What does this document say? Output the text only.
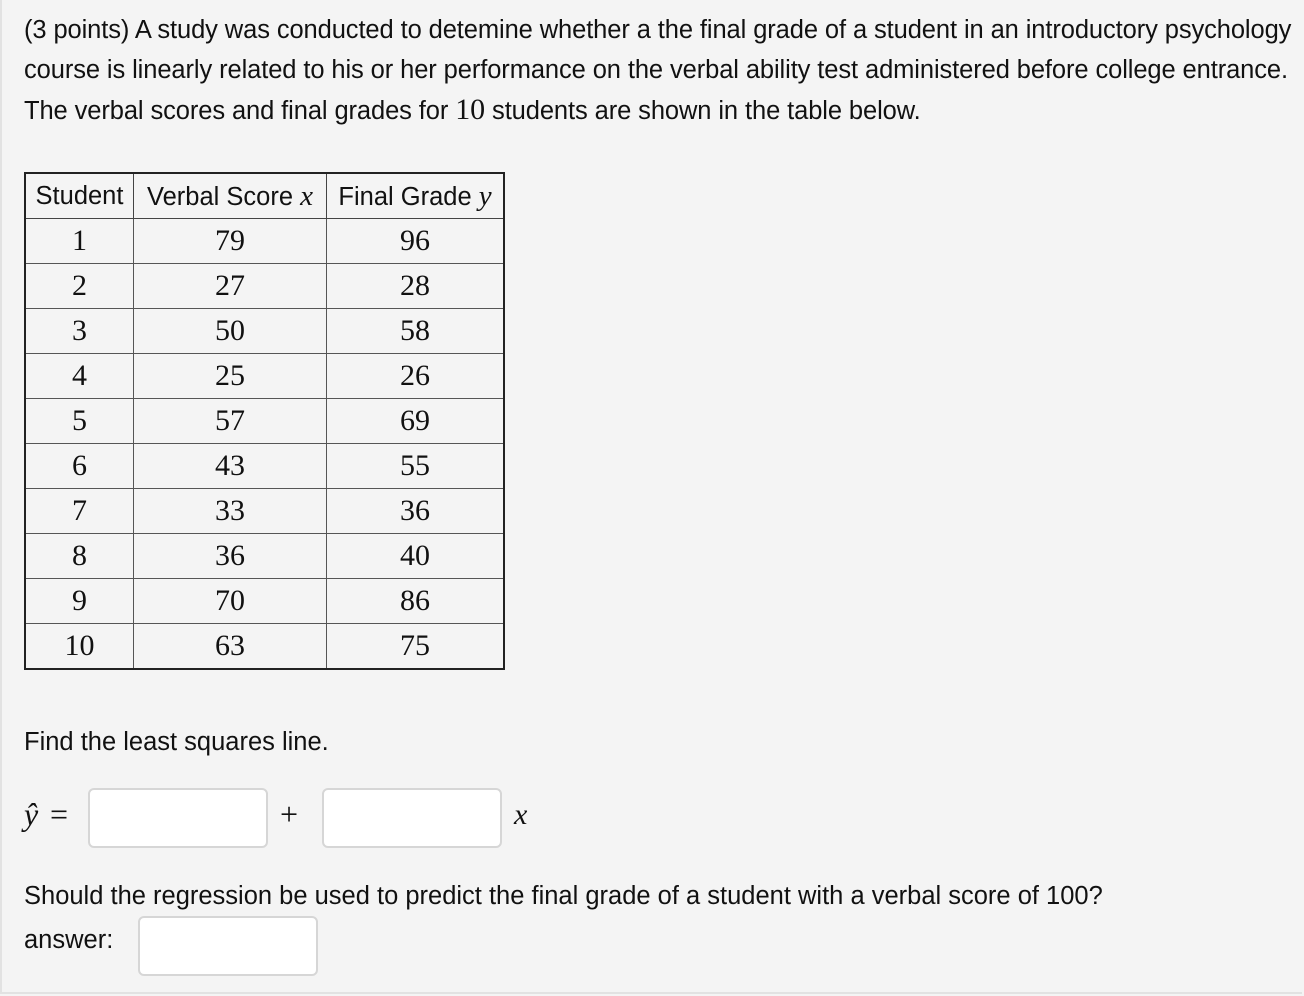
(3 points) A study was conducted to detemine whether a the final grade of a student in an introductory psychology course is linearly related to his or her performance on the verbal ability test administered before college entrance. The verbal scores and final grades for 10 students are shown in the table below.

Student	Verbal Score x	Final Grade y
1	79	96
2	27	28
3	50	58
4	25	26
5	57	69
6	43	55
7	33	36
8	36	40
9	70	86
10	63	75

Find the least squares line.

ŷ =	+	x

Should the regression be used to predict the final grade of a student with a verbal score of 100?

answer:
